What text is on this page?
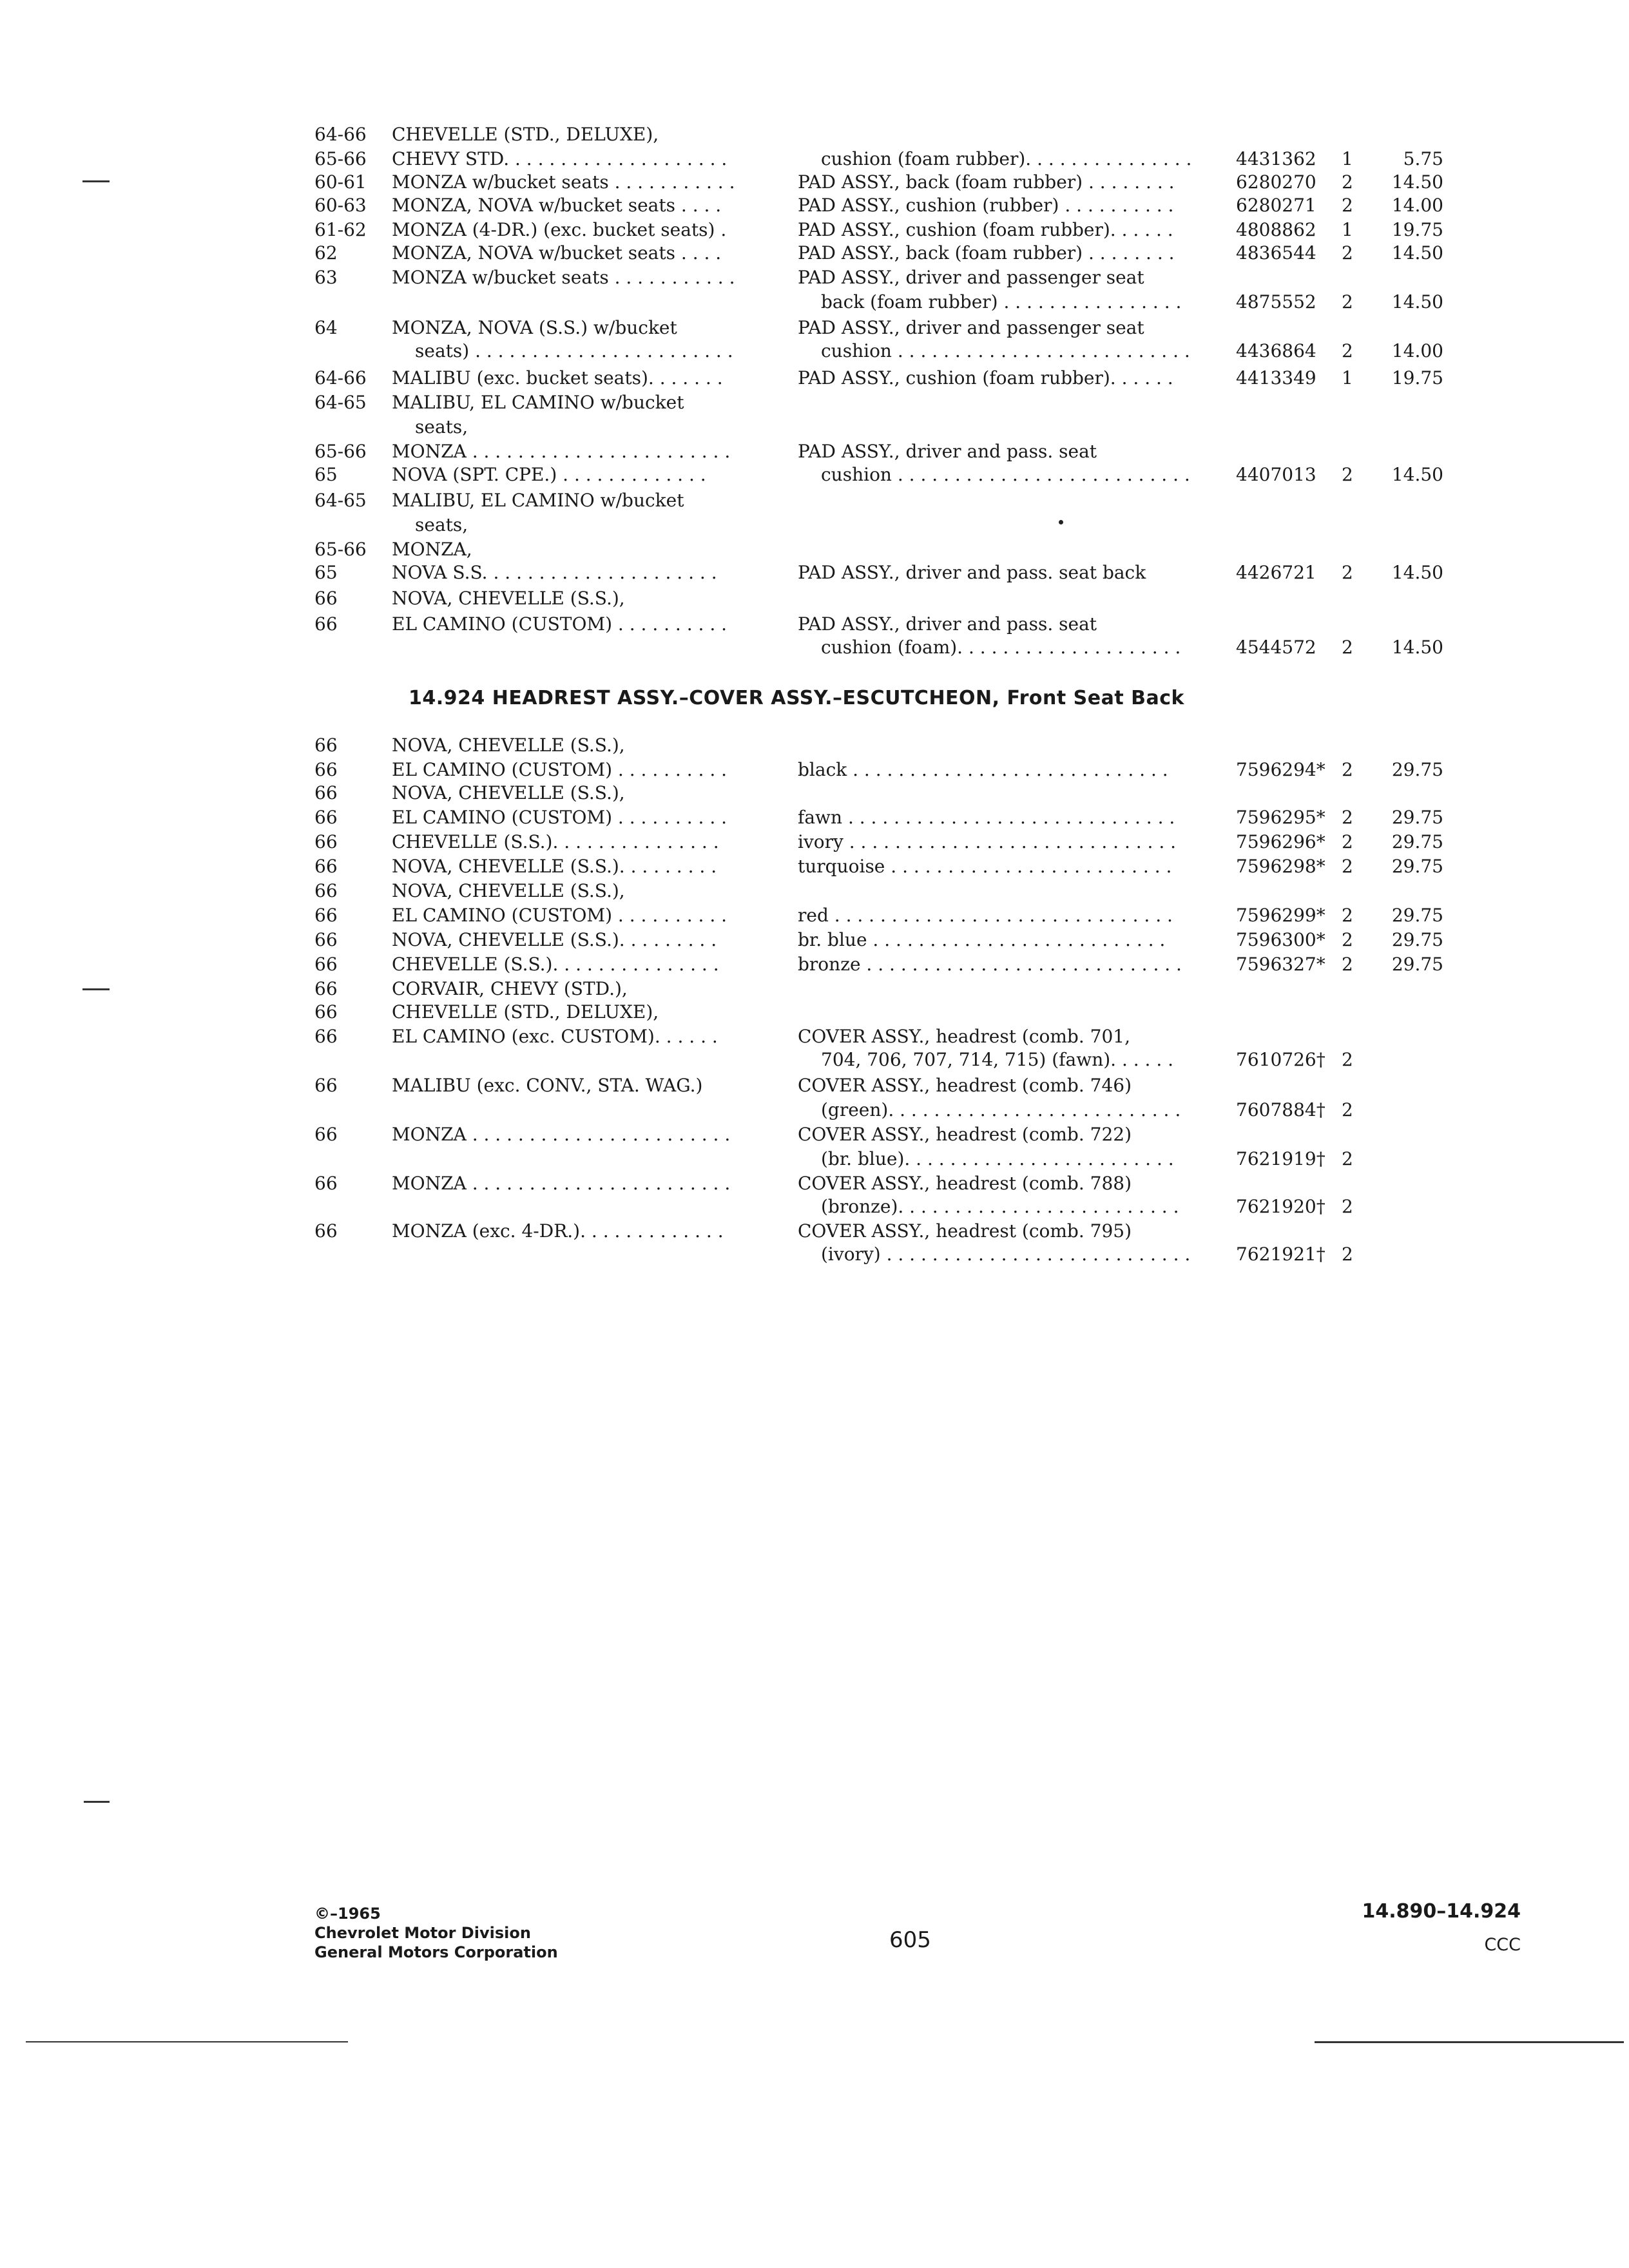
64-66 CHEVELLE (STD., DELUXE),
65-66 CHEVY STD. . . . . . . . . . . . . . . . . . . .	cushion (foam rubber). . . . . . . . . . . . . . . 4431362 1	5.75
60-61 MONZA w/bucket seats . . . . . . . . . . .	PAD ASSY., back (foam rubber) . . . . . . . .	6280270 2	14.50
60-63 MONZA, NOVA w/bucket seats . . . .	PAD ASSY., cushion (rubber) . . . . . . . . . .	6280271 2	14.00
61-62 MONZA (4-DR.) (exc. bucket seats) .	PAD ASSY., cushion (foam rubber). . . . . .	4808862 1	19.75
62	MONZA, NOVA w/bucket seats . . . .	PAD ASSY., back (foam rubber) . . . . . . . .	4836544 2	14.50
63	MONZA w/bucket seats . . . . . . . . . . .	PAD ASSY., driver and passenger seat
back (foam rubber) . . . . . . . . . . . . . . . .	4875552 2	14.50
64	MONZA, NOVA (S.S.) w/bucket	PAD ASSY., driver and passenger seat
seats) . . . . . . . . . . . . . . . . . . . . . . .	cushion . . . . . . . . . . . . . . . . . . . . . . . . . .	4436864 2	14.00
64-66 MALIBU (exc. bucket seats). . . . . . .	PAD ASSY., cushion (foam rubber). . . . . .	4413349 1	19.75
64-65 MALIBU, EL CAMINO w/bucket
seats,
65-66 MONZA . . . . . . . . . . . . . . . . . . . . . . .	PAD ASSY., driver and pass. seat
65	NOVA (SPT. CPE.) . . . . . . . . . . . . .	cushion . . . . . . . . . . . . . . . . . . . . . . . . . .	4407013 2	14.50
64-65 MALIBU, EL CAMINO w/bucket
seats,
65-66 MONZA,
65	NOVA S.S. . . . . . . . . . . . . . . . . . . . .	PAD ASSY., driver and pass. seat back	4426721 2	14.50
66	NOVA, CHEVELLE (S.S.),
66	EL CAMINO (CUSTOM) . . . . . . . . . .	PAD ASSY., driver and pass. seat
cushion (foam). . . . . . . . . . . . . . . . . . . .	4544572 2	14.50
14.924 HEADREST ASSY.–COVER ASSY.–ESCUTCHEON, Front Seat Back
66	NOVA, CHEVELLE (S.S.),
66	EL CAMINO (CUSTOM) . . . . . . . . . .	black . . . . . . . . . . . . . . . . . . . . . . . . . . . .	7596294* 2	29.75
66	NOVA, CHEVELLE (S.S.),
66	EL CAMINO (CUSTOM) . . . . . . . . . .	fawn . . . . . . . . . . . . . . . . . . . . . . . . . . . . .	7596295* 2	29.75
66	CHEVELLE (S.S.). . . . . . . . . . . . . . .	ivory . . . . . . . . . . . . . . . . . . . . . . . . . . . . .	7596296* 2	29.75
66	NOVA, CHEVELLE (S.S.). . . . . . . . .	turquoise . . . . . . . . . . . . . . . . . . . . . . . . .	7596298* 2	29.75
66	NOVA, CHEVELLE (S.S.),
66	EL CAMINO (CUSTOM) . . . . . . . . . .	red . . . . . . . . . . . . . . . . . . . . . . . . . . . . . .	7596299* 2	29.75
66	NOVA, CHEVELLE (S.S.). . . . . . . . .	br. blue . . . . . . . . . . . . . . . . . . . . . . . . . .	7596300* 2	29.75
66	CHEVELLE (S.S.). . . . . . . . . . . . . . .	bronze . . . . . . . . . . . . . . . . . . . . . . . . . . . .	7596327* 2	29.75
66	CORVAIR, CHEVY (STD.),
66	CHEVELLE (STD., DELUXE),
66	EL CAMINO (exc. CUSTOM). . . . . .	COVER ASSY., headrest (comb. 701,
704, 706, 707, 714, 715) (fawn). . . . . .	7610726† 2
66	MALIBU (exc. CONV., STA. WAG.)	COVER ASSY., headrest (comb. 746)
(green). . . . . . . . . . . . . . . . . . . . . . . . . .	7607884† 2
66	MONZA . . . . . . . . . . . . . . . . . . . . . . .	COVER ASSY., headrest (comb. 722)
(br. blue). . . . . . . . . . . . . . . . . . . . . . . .	7621919† 2
66	MONZA . . . . . . . . . . . . . . . . . . . . . . .	COVER ASSY., headrest (comb. 788)
(bronze). . . . . . . . . . . . . . . . . . . . . . . . .	7621920† 2
66	MONZA (exc. 4-DR.). . . . . . . . . . . . .	COVER ASSY., headrest (comb. 795)
(ivory) . . . . . . . . . . . . . . . . . . . . . . . . . . .	7621921† 2
©–1965
Chevrolet Motor Division
General Motors Corporation	605
14.890–14.924
CCC
